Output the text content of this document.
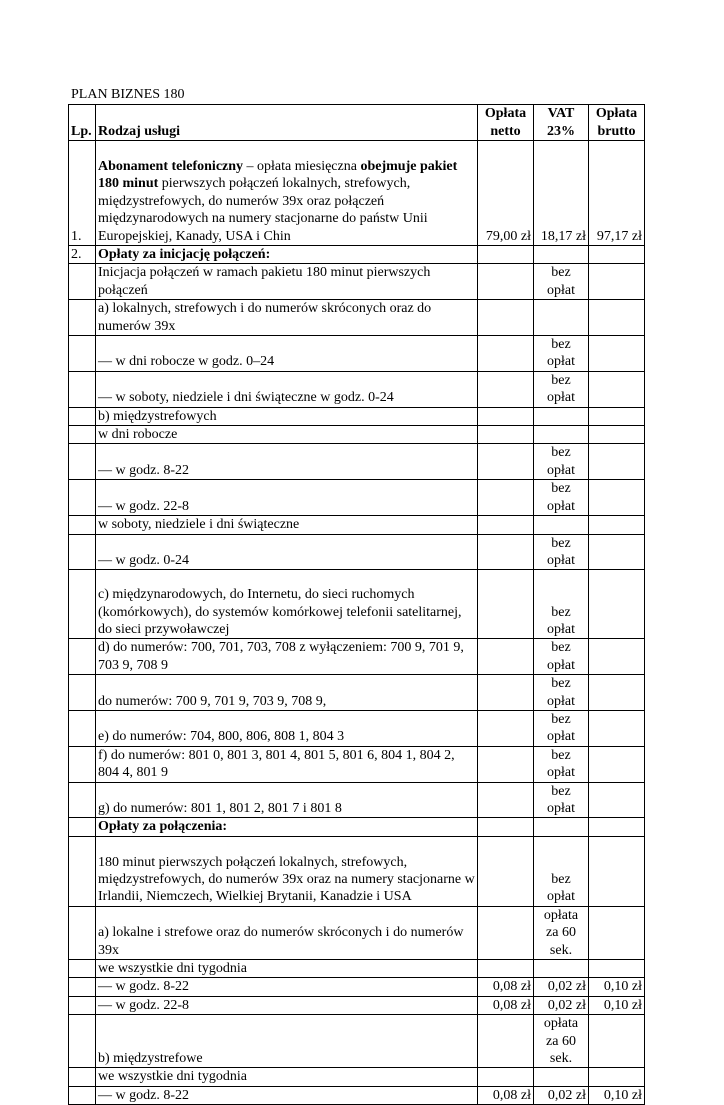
PLAN BIZNES 180
Lp.	Rodzaj usługi	Opłata netto	VAT 23%	Opłata brutto
1.	Abonament telefoniczny – opłata miesięczna obejmuje pakiet 180 minut pierwszych połączeń lokalnych, strefowych, międzystrefowych, do numerów 39x oraz połączeń międzynarodowych na numery stacjonarne do państw Unii Europejskiej, Kanady, USA i Chin	79,00 zł	18,17 zł	97,17 zł
2.	Opłaty za inicjację połączeń:			
	Inicjacja połączeń w ramach pakietu 180 minut pierwszych połączeń		bez opłat	
	a) lokalnych, strefowych i do numerów skróconych oraz do numerów 39x			
	— w dni robocze w godz. 0–24		bez opłat	
	— w soboty, niedziele i dni świąteczne w godz. 0-24		bez opłat	
	b) międzystrefowych			
	w dni robocze			
	— w godz. 8-22		bez opłat	
	— w godz. 22-8		bez opłat	
	w soboty, niedziele i dni świąteczne			
	— w godz. 0-24		bez opłat	
	c) międzynarodowych, do Internetu, do sieci ruchomych (komórkowych), do systemów komórkowej telefonii satelitarnej, do sieci przywoławczej		bez opłat	
	d) do numerów: 700, 701, 703, 708 z wyłączeniem: 700 9, 701 9, 703 9, 708 9		bez opłat	
	do numerów: 700 9, 701 9, 703 9, 708 9,		bez opłat	
	e) do numerów: 704, 800, 806, 808 1, 804 3		bez opłat	
	f) do numerów: 801 0, 801 3, 801 4, 801 5, 801 6, 804 1, 804 2, 804 4, 801 9		bez opłat	
	g) do numerów: 801 1, 801 2, 801 7 i 801 8		bez opłat	
	Opłaty za połączenia:			
	180 minut pierwszych połączeń lokalnych, strefowych, międzystrefowych, do numerów 39x oraz na numery stacjonarne w Irlandii, Niemczech, Wielkiej Brytanii, Kanadzie i USA		bez opłat	
	a) lokalne i strefowe oraz do numerów skróconych i do numerów 39x		opłata za 60 sek.	
	we wszystkie dni tygodnia			
	— w godz. 8-22	0,08 zł	0,02 zł	0,10 zł
	— w godz. 22-8	0,08 zł	0,02 zł	0,10 zł
	b) międzystrefowe		opłata za 60 sek.	
	we wszystkie dni tygodnia			
	— w godz. 8-22	0,08 zł	0,02 zł	0,10 zł
